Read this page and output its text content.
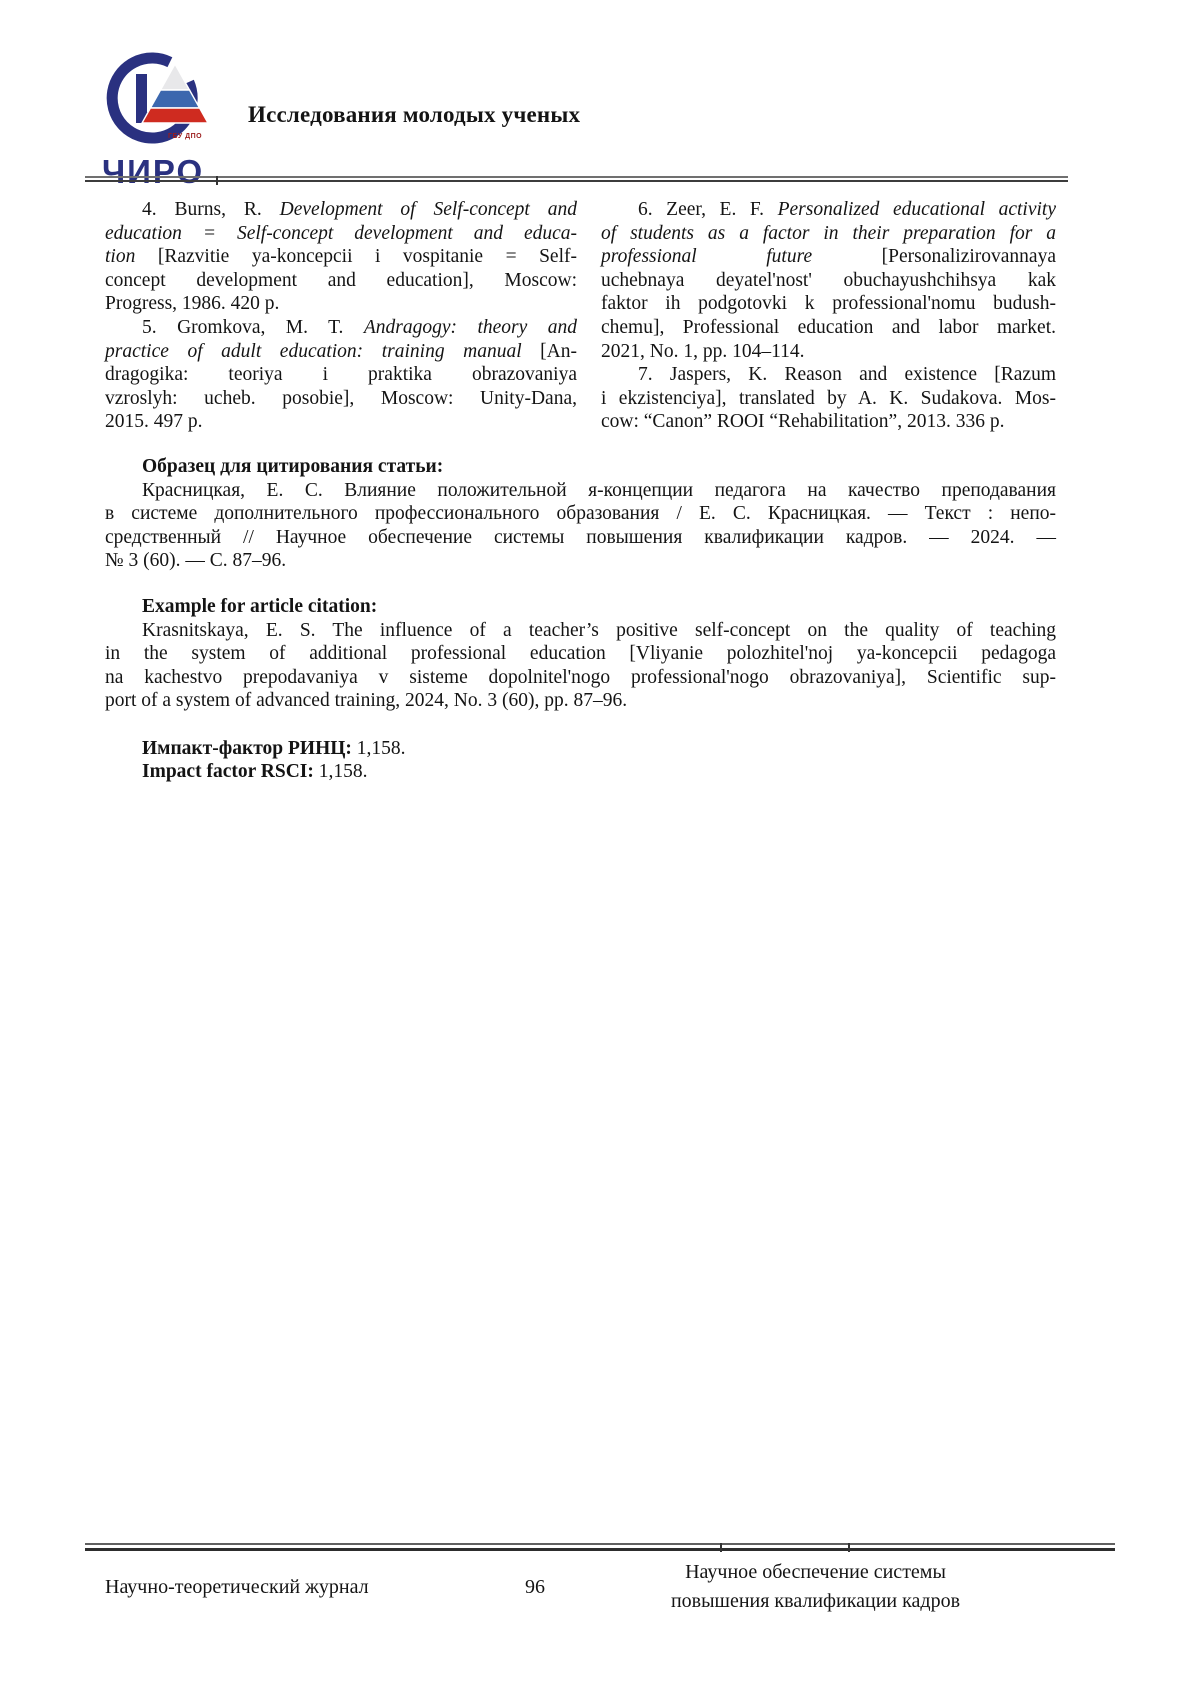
ГБУ ДПО
ЧИРО
Исследования молодых ученых
4. Burns, R. Development of Self-concept and
education = Self-concept development and educa-
tion [Razvitie ya-koncepcii i vospitanie = Self-
concept development and education], Moscow:
Progress, 1986. 420 p.
5. Gromkova, M. T. Andragogy: theory and
practice of adult education: training manual [An-
dragogika: teoriya i praktika obrazovaniya
vzroslyh: ucheb. posobie], Moscow: Unity-Dana,
2015. 497 p.
6. Zeer, E. F. Personalized educational activity
of students as a factor in their preparation for a
professional future [Personalizirovannaya
uchebnaya deyatel'nost' obuchayushchihsya kak
faktor ih podgotovki k professional'nomu budush-
chemu], Professional education and labor market.
2021, No. 1, pp. 104–114.
7. Jaspers, K. Reason and existence [Razum
i ekzistenciya], translated by A. K. Sudakova. Mos-
cow: “Canon” ROOI “Rehabilitation”, 2013. 336 p.
Образец для цитирования статьи:
Красницкая, Е. С. Влияние положительной я-концепции педагога на качество преподавания
в системе дополнительного профессионального образования / Е. С. Красницкая. — Текст : непо-
средственный // Научное обеспечение системы повышения квалификации кадров. — 2024. —
№ 3 (60). — С. 87–96.
Example for article citation:
Krasnitskaya, E. S. The influence of a teacher’s positive self-concept on the quality of teaching
in the system of additional professional education [Vliyanie polozhitel'noj ya-koncepcii pedagoga
na kachestvo prepodavaniya v sisteme dopolnitel'nogo professional'nogo obrazovaniya], Scientific sup-
port of a system of advanced training, 2024, No. 3 (60), pp. 87–96.
Импакт-фактор РИНЦ: 1,158.
Impact factor RSCI: 1,158.
Научно-теоретический журнал	96
Научное обеспечение системы
повышения квалификации кадров
